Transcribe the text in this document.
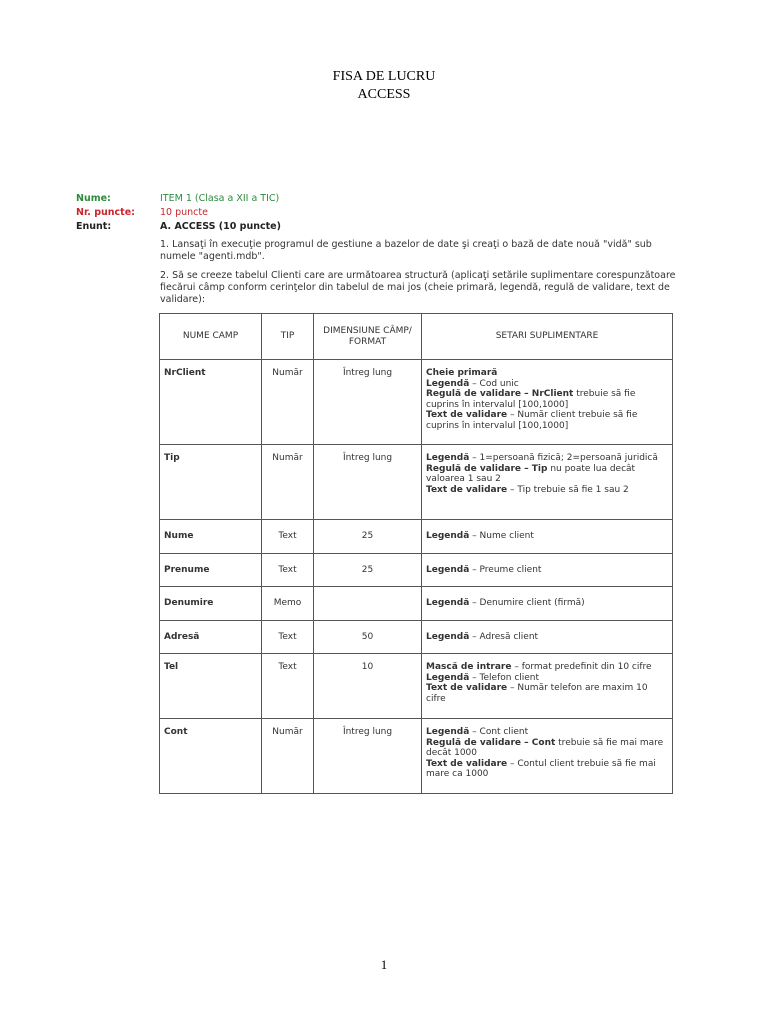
FISA DE LUCRU
ACCESS
Nume:	ITEM 1 (Clasa a XII a TIC)
Nr. puncte:	10 puncte
Enunt:	A. ACCESS (10 puncte)
1. Lansaţi în execuţie programul de gestiune a bazelor de date şi creaţi o bază de date nouă "vidă" sub numele "agenti.mdb".
2. Să se creeze tabelul Clienti care are următoarea structură (aplicaţi setările suplimentare corespunzătoare fiecărui câmp conform cerinţelor din tabelul de mai jos (cheie primară, legendă, regulă de validare, text de validare):
NUME CAMP	TIP	DIMENSIUNE CÂMP/ FORMAT	SETARI SUPLIMENTARE
NrClient	Număr	Întreg lung	Cheie primară
Legendă – Cod unic
Regulă de validare – NrClient trebuie să fie cuprins în intervalul [100,1000]
Text de validare – Număr client trebuie să fie cuprins în intervalul [100,1000]

Tip	Număr	Întreg lung	Legendă – 1=persoană fizică; 2=persoană juridică
Regulă de validare – Tip nu poate lua decât valoarea 1 sau 2
Text de validare – Tip trebuie să fie 1 sau 2

Nume	Text	25	Legendă – Nume client
Prenume	Text	25	Legendă – Preume client
Denumire	Memo		Legendă – Denumire client (firmă)
Adresă	Text	50	Legendă – Adresă client
Tel	Text	10	Mască de intrare – format predefinit din 10 cifre
Legendă – Telefon client
Text de validare – Număr telefon are maxim 10 cifre

Cont	Număr	Întreg lung	Legendă – Cont client
Regulă de validare – Cont trebuie să fie mai mare decât 1000
Text de validare – Contul client trebuie să fie mai mare ca 1000
1
